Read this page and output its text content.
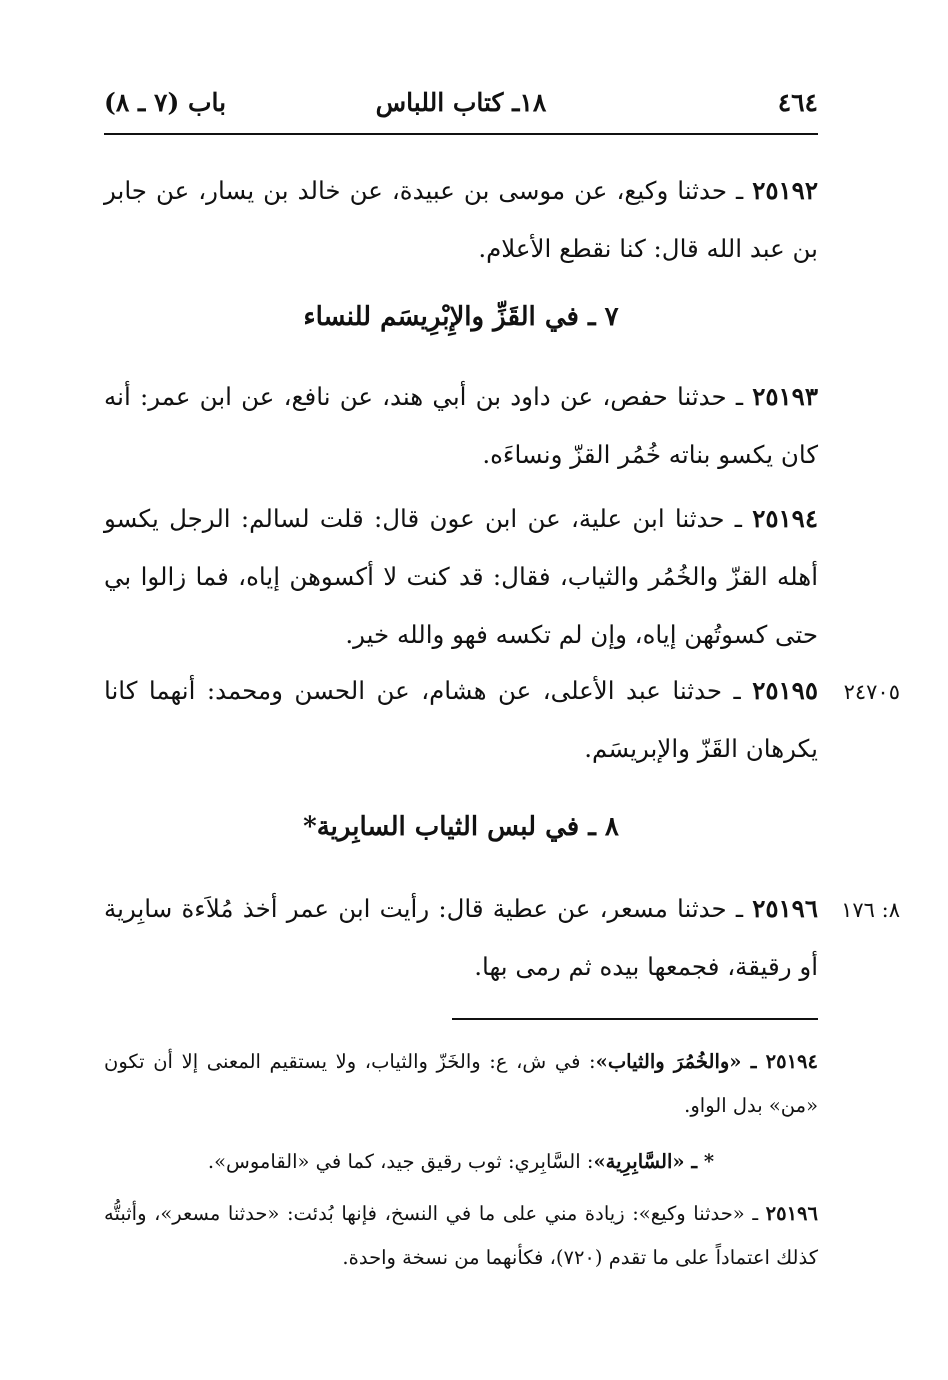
٤٦٤
١٨ـ كتاب اللباس
باب (٧ ـ ٨)
٢٥١٩٢ ـ حدثنا وكيع، عن موسى بن عبيدة، عن خالد بن يسار، عن جابر بن عبد الله قال: كنا نقطع الأعلام.
٧ ـ في القَزِّ والإِبْرِيسَم للنساء
٢٥١٩٣ ـ حدثنا حفص، عن داود بن أبي هند، عن نافع، عن ابن عمر: أنه كان يكسو بناته خُمُر القزّ ونساءَه.
٢٥١٩٤ ـ حدثنا ابن علية، عن ابن عون قال: قلت لسالم: الرجل يكسو أهله القزّ والخُمُر والثياب، فقال: قد كنت لا أكسوهن إياه، فما زالوا بي حتى كسوتُهن إياه، وإن لم تكسه فهو والله خير.
٢٤٧٠٥
٢٥١٩٥ ـ حدثنا عبد الأعلى، عن هشام، عن الحسن ومحمد: أنهما كانا يكرهان القَزّ والإبريسَم.
٨ ـ في لبس الثياب السابِرية*
٨: ١٧٦
٢٥١٩٦ ـ حدثنا مسعر، عن عطية قال: رأيت ابن عمر أخذ مُلاَءة سابِرية أو رقيقة، فجمعها بيده ثم رمى بها.
٢٥١٩٤ ـ «والخُمُرَ والثياب»: في ش، ع: والخَزّ والثياب، ولا يستقيم المعنى إلا أن تكون «من» بدل الواو.
* ـ «السَّابِرِية»: السَّابِري: ثوب رقيق جيد، كما في «القاموس».
٢٥١٩٦ ـ «حدثنا وكيع»: زيادة مني على ما في النسخ، فإنها بُدئت: «حدثنا مسعر»، وأثبتُّه كذلك اعتماداً على ما تقدم (٧٢٠)، فكأنهما من نسخة واحدة.
